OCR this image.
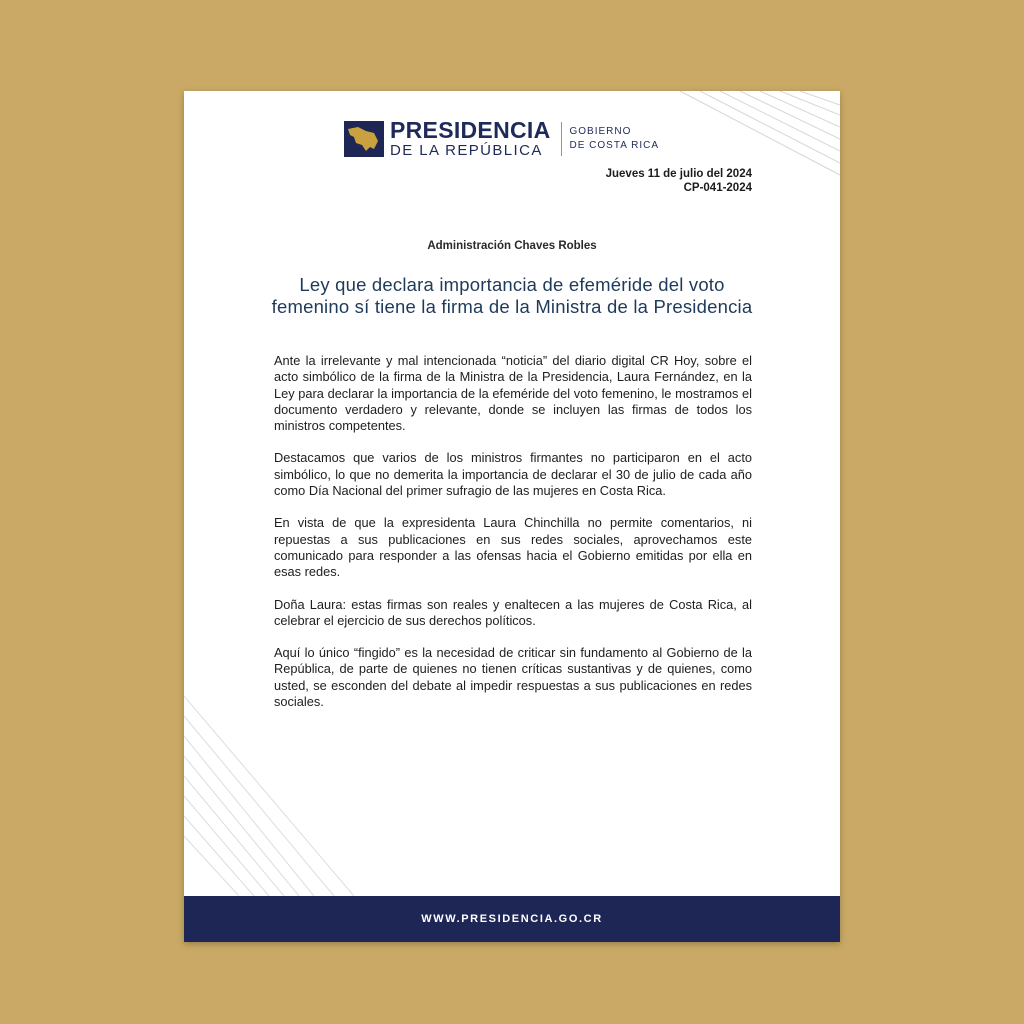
PRESIDENCIA
DE LA REPÚBLICA
GOBIERNO
DE COSTA RICA
Jueves 11 de julio del 2024
CP-041-2024
Administración Chaves Robles
Ley que declara importancia de efeméride del voto femenino sí tiene la firma de la Ministra de la Presidencia

Ante la irrelevante y mal intencionada “noticia” del diario digital CR Hoy, sobre el acto simbólico de la firma de la Ministra de la Presidencia, Laura Fernández, en la Ley para declarar la importancia de la efeméride del voto femenino, le mostramos el documento verdadero y relevante, donde se incluyen las firmas de todos los ministros competentes.

Destacamos que varios de los ministros firmantes no participaron en el acto simbólico, lo que no demerita la importancia de declarar el 30 de julio de cada año como Día Nacional del primer sufragio de las mujeres en Costa Rica.

En vista de que la expresidenta Laura Chinchilla no permite comentarios, ni repuestas a sus publicaciones en sus redes sociales, aprovechamos este comunicado para responder a las ofensas hacia el Gobierno emitidas por ella en esas redes.

Doña Laura: estas firmas son reales y enaltecen a las mujeres de Costa Rica, al celebrar el ejercicio de sus derechos políticos.

Aquí lo único “fingido” es la necesidad de criticar sin fundamento al Gobierno de la República, de parte de quienes no tienen críticas sustantivas y de quienes, como usted, se esconden del debate al impedir respuestas a sus publicaciones en redes sociales.

WWW.PRESIDENCIA.GO.CR
